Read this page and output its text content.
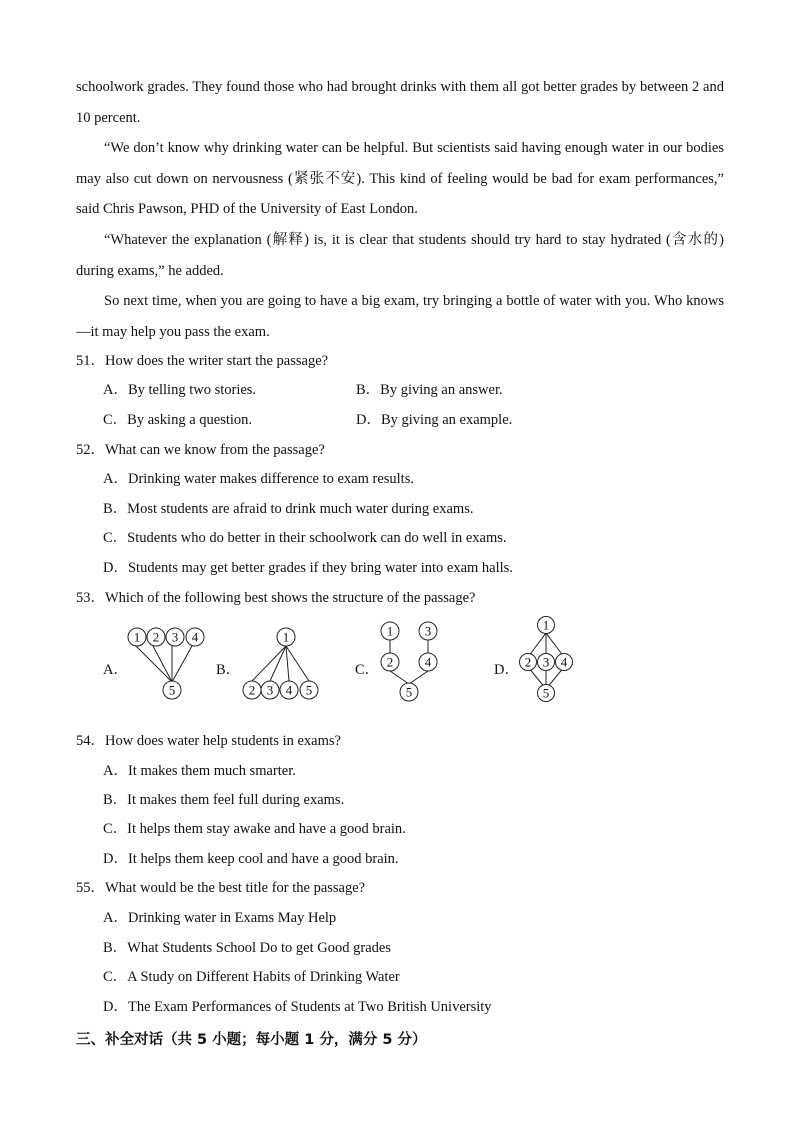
schoolwork grades. They found those who had brought drinks with them all got better grades by between 2 and 10 percent.

“We don’t know why drinking water can be helpful. But scientists said having enough water in our bodies may also cut down on nervousness (紧张不安). This kind of feeling would be bad for exam performances,” said Chris Pawson, PHD of the University of East London.

“Whatever the explanation (解释) is, it is clear that students should try hard to stay hydrated (含水的) during exams,” he added.

So next time, when you are going to have a big exam, try bringing a bottle of water with you. Who knows—it may help you pass the exam.

51．How does the writer start the passage?
A．By telling two stories.	B．By giving an answer.
C．By asking a question.	D．By giving an example.
52．What can we know from the passage?
A．Drinking water makes difference to exam results.
B．Most students are afraid to drink much water during exams.
C．Students who do better in their schoolwork can do well in exams.
D．Students may get better grades if they bring water into exam halls.
53．Which of the following best shows the structure of the passage?
A．
1 2 3 4
5
B．
1
2 3 4 5
C．
1 3
2 4
5
D．
1
2 3 4
5
54．How does water help students in exams?
A．It makes them much smarter.
B．It makes them feel full during exams.
C．It helps them stay awake and have a good brain.
D．It helps them keep cool and have a good brain.
55．What would be the best title for the passage?
A．Drinking water in Exams May Help
B．What Students School Do to get Good grades
C．A Study on Different Habits of Drinking Water
D．The Exam Performances of Students at Two British University
三、补全对话（共 5 小题；每小题 1 分，满分 5 分）
